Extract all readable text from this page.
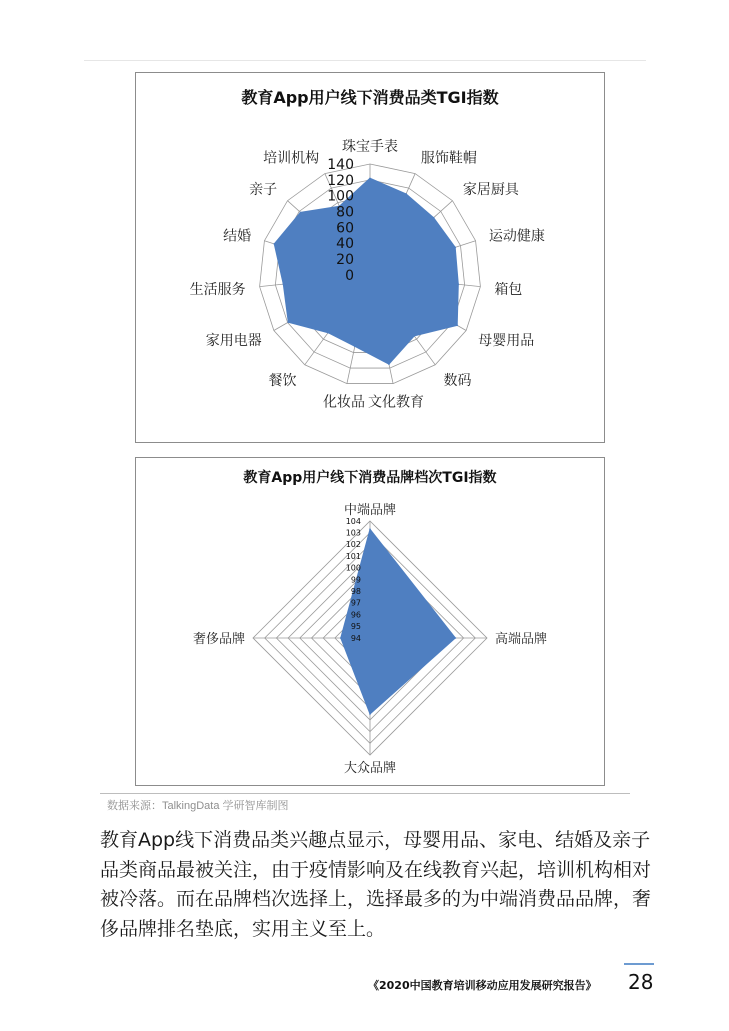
教育App用户线下消费品类TGI指数
0
20
40
60
80
100
120
140
珠宝手表
服饰鞋帽
家居厨具
运动健康
箱包
母婴用品
数码
文化教育
化妆品
餐饮
家用电器
生活服务
结婚
亲子
培训机构
教育App用户线下消费品牌档次TGI指数
94
95
96
97
98
99
100
101
102
103
104
中端品牌
高端品牌
大众品牌
奢侈品牌
数据来源：TalkingData 学研智库制图
教育App线下消费品类兴趣点显示，母婴用品、家电、结婚及亲子品类商品最被关注，由于疫情影响及在线教育兴起，培训机构相对被冷落。而在品牌档次选择上，选择最多的为中端消费品品牌，奢侈品牌排名垫底，实用主义至上。
《2020中国教育培训移动应用发展研究报告》 28
